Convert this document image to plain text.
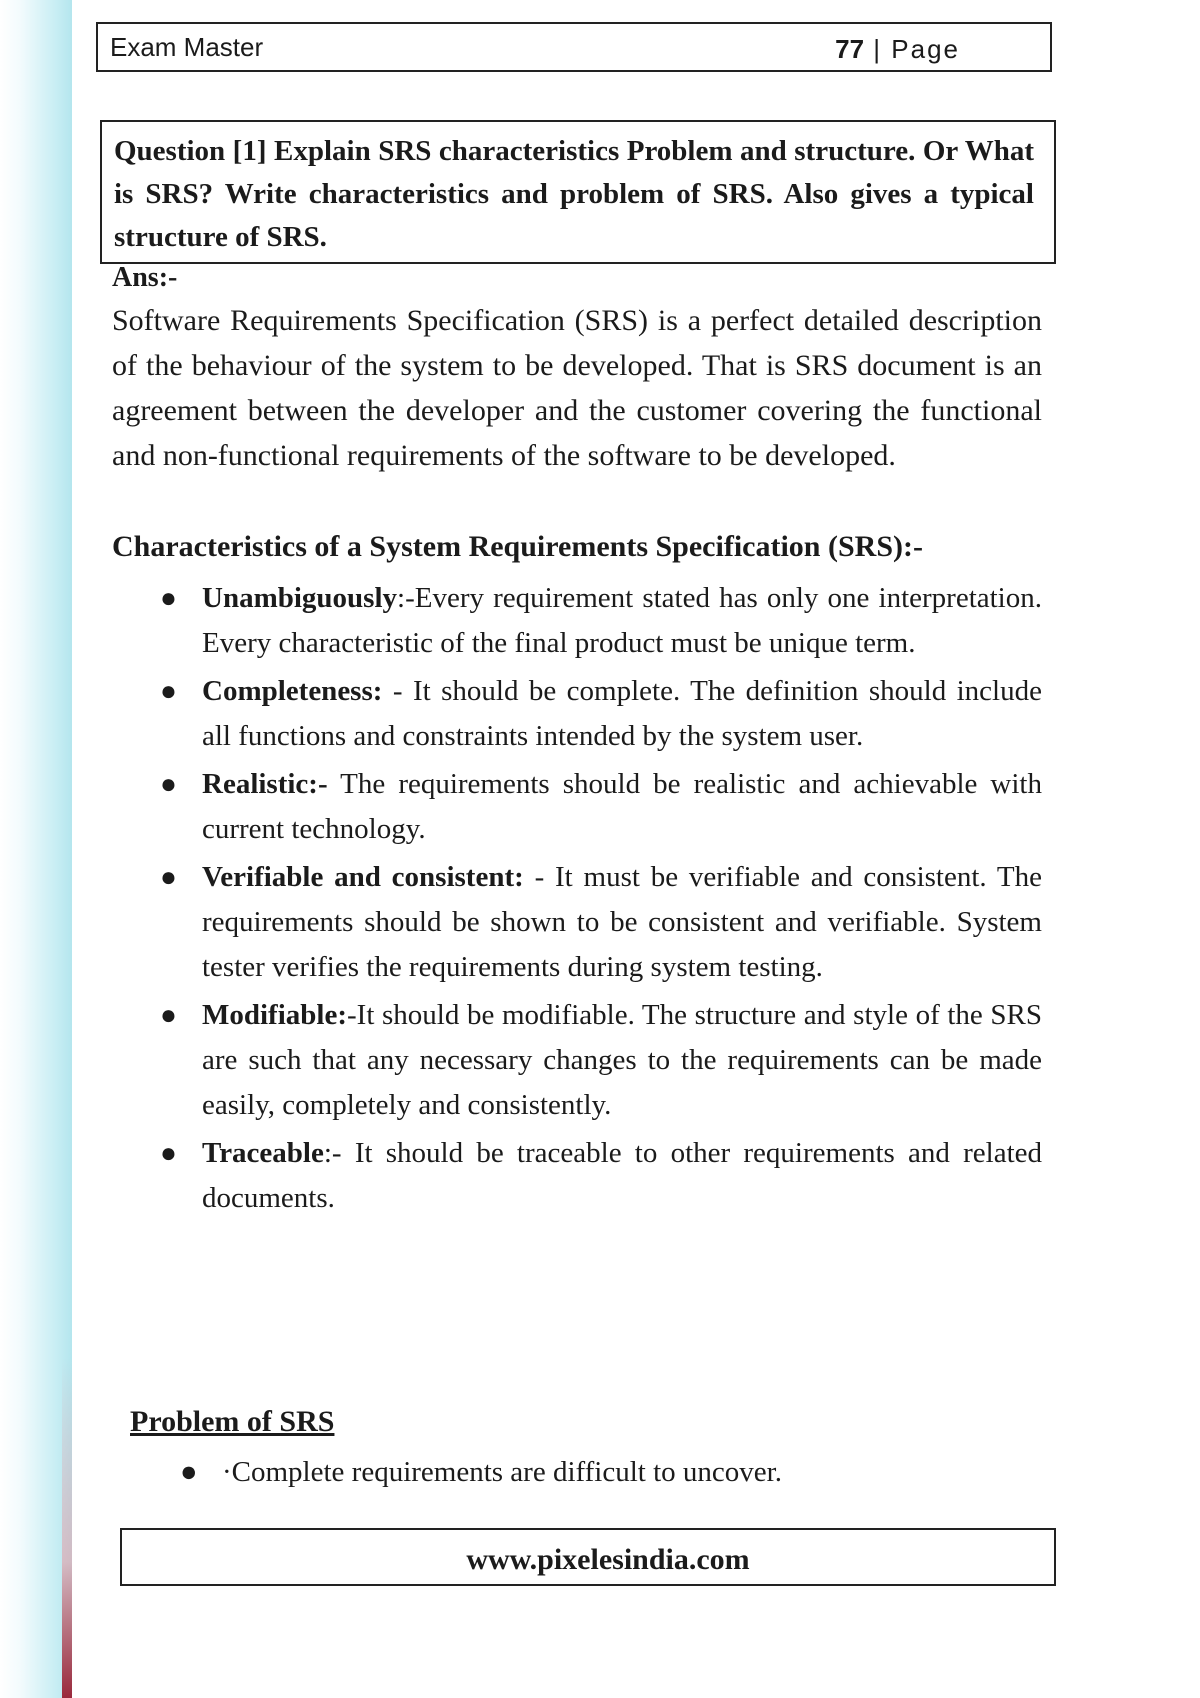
Exam Master	77 | Page
Question [1] Explain SRS characteristics Problem and structure. Or What is SRS? Write characteristics and problem of SRS. Also gives a typical structure of SRS.
Ans:-
Software Requirements Specification (SRS) is a perfect detailed description of the behaviour of the system to be developed. That is SRS document is an agreement between the developer and the customer covering the functional and non-functional requirements of the software to be developed.
Characteristics of a System Requirements Specification (SRS):-
● Unambiguously:-Every requirement stated has only one interpretation. Every characteristic of the final product must be unique term.
● Completeness: - It should be complete. The definition should include all functions and constraints intended by the system user.
● Realistic:- The requirements should be realistic and achievable with current technology.
● Verifiable and consistent: - It must be verifiable and consistent. The requirements should be shown to be consistent and verifiable. System tester verifies the requirements during system testing.
● Modifiable:-It should be modifiable. The structure and style of the SRS are such that any necessary changes to the requirements can be made easily, completely and consistently.
● Traceable:- It should be traceable to other requirements and related documents.
Problem of SRS
● ·Complete requirements are difficult to uncover.
www.pixelesindia.com
